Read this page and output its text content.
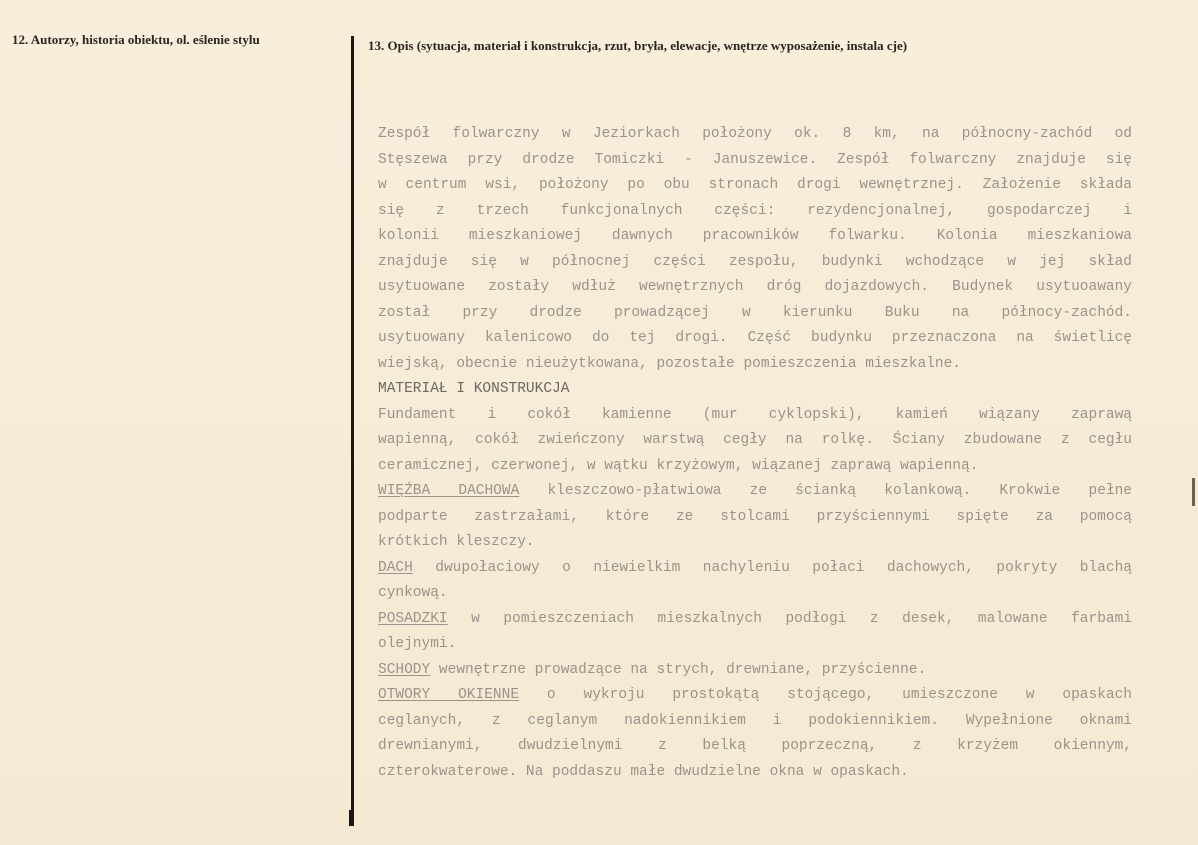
12. Autorzy, historia obiektu, ol. eślenie stylu	13. Opis (sytuacja, materiał i konstrukcja, rzut, bryła, elewacje, wnętrze wyposażenie, instala cje)
Zespół folwarczny w Jeziorkach położony ok. 8 km, na północny-zachód od
Stęszewa przy drodze Tomiczki - Januszewice. Zespół folwarczny znajduje się
w centrum wsi, położony po obu stronach drogi wewnętrznej. Założenie składa
się z trzech funkcjonalnych części: rezydencjonalnej, gospodarczej i
kolonii mieszkaniowej dawnych pracowników folwarku. Kolonia mieszkaniowa
znajduje się w północnej części zespołu, budynki wchodzące w jej skład
usytuowane zostały wdłuż wewnętrznych dróg dojazdowych. Budynek usytuoawany
został przy drodze prowadzącej w kierunku Buku na północy-zachód.
usytuowany kalenicowo do tej drogi. Część budynku przeznaczona na świetlicę
wiejską, obecnie nieużytkowana, pozostałe pomieszczenia mieszkalne.
MATERIAŁ I KONSTRUKCJA
Fundament i cokół kamienne (mur cyklopski), kamień wiązany zaprawą
wapienną, cokół zwieńczony warstwą cegły na rolkę. Ściany zbudowane z cegłu
ceramicznej, czerwonej, w wątku krzyżowym, wiązanej zaprawą wapienną.
WIĘŹBA DACHOWA kleszczowo-płatwiowa ze ścianką kolankową. Krokwie pełne
podparte zastrzałami, które ze stolcami przyściennymi spięte za pomocą
krótkich kleszczy.
DACH dwupołaciowy o niewielkim nachyleniu połaci dachowych, pokryty blachą
cynkową.
POSADZKI w pomieszczeniach mieszkalnych podłogi z desek, malowane farbami
olejnymi.
SCHODY wewnętrzne prowadzące na strych, drewniane, przyścienne.
OTWORY OKIENNE o wykroju prostokątą stojącego, umieszczone w opaskach
ceglanych, z ceglanym nadokiennikiem i podokiennikiem. Wypełnione oknami
drewnianymi, dwudzielnymi z belką poprzeczną, z krzyżem okiennym,
czterokwaterowe. Na poddaszu małe dwudzielne okna w opaskach.
